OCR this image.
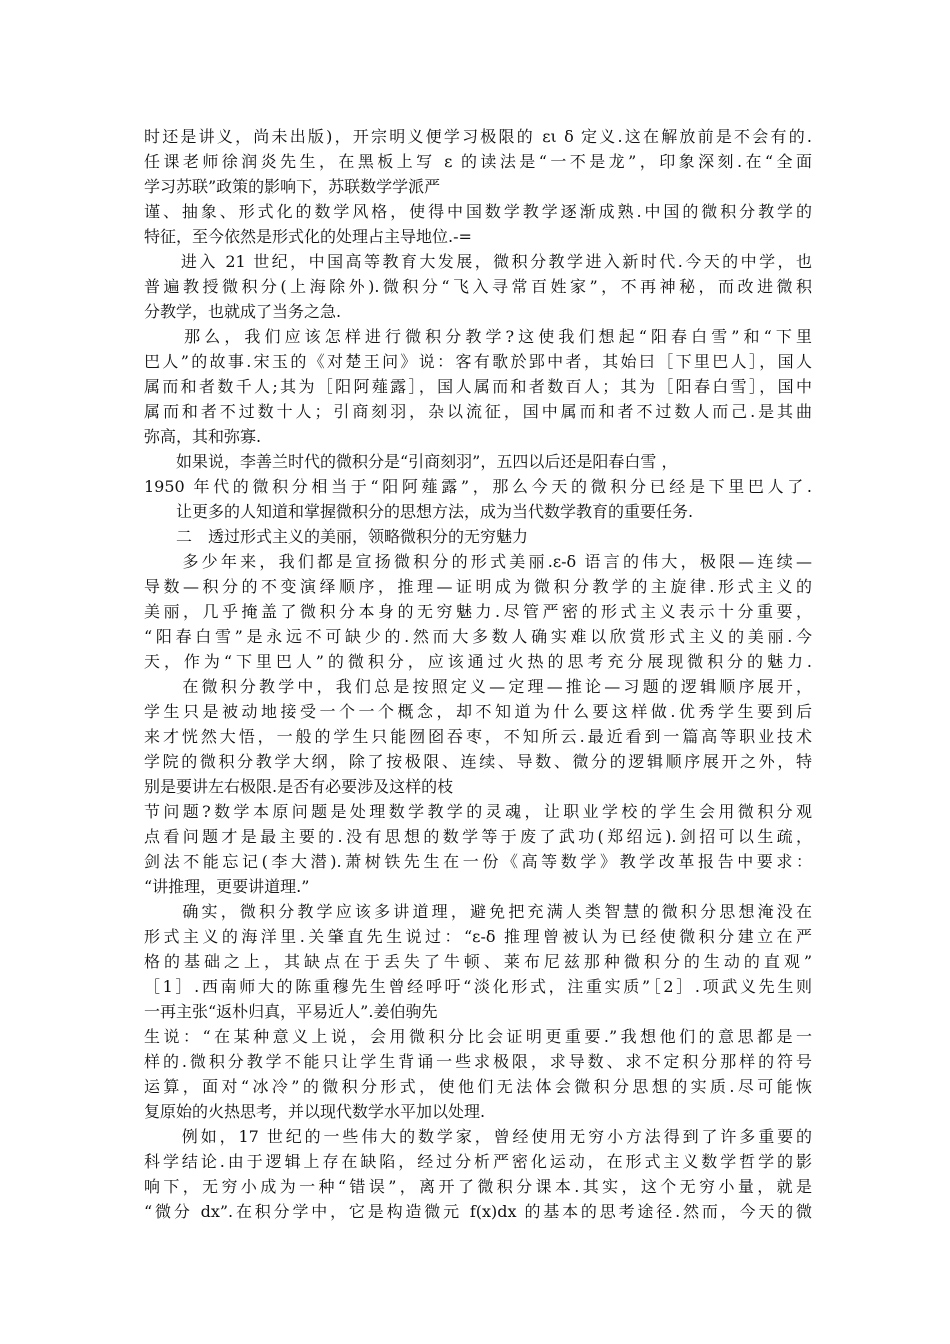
时还是讲义，尚未出版)，开宗明义便学习极限的 ει δ 定义.这在解放前是不会有的.
任课老师徐润炎先生，在黑板上写 ε 的读法是“一不是龙”，印象深刻.在“全面
学习苏联”政策的影响下，苏联数学学派严
谨、抽象、形式化的数学风格，使得中国数学教学逐渐成熟.中国的微积分教学的
特征，至今依然是形式化的处理占主导地位.-=
　　进入 21 世纪，中国高等教育大发展，微积分教学进入新时代.今天的中学，也
普遍教授微积分(上海除外).微积分“飞入寻常百姓家”，不再神秘，而改进微积
分教学，也就成了当务之急.
　　那么，我们应该怎样进行微积分教学?这使我们想起“阳春白雪”和“下里
巴人”的故事.宋玉的《对楚王问》说：客有歌於郢中者，其始曰［下里巴人］，国人
属而和者数千人;其为［阳阿薤露］，国人属而和者数百人；其为［阳春白雪］，国中
属而和者不过数十人；引商刻羽，杂以流征，国中属而和者不过数人而己.是其曲
弥高，其和弥寡.
　　如果说，李善兰时代的微积分是“引商刻羽”，五四以后还是阳春白雪 ，
1950 年代的微积分相当于“阳阿薤露”，那么今天的微积分已经是下里巴人了.
　　让更多的人知道和掌握微积分的思想方法，成为当代数学教育的重要任务.
　　二　透过形式主义的美丽，领略微积分的无穷魅力
　　多少年来，我们都是宣扬微积分的形式美丽.ε-δ 语言的伟大，极限—连续—
导数—积分的不变演绎顺序，推理—证明成为微积分教学的主旋律.形式主义的
美丽，几乎掩盖了微积分本身的无穷魅力.尽管严密的形式主义表示十分重要，
“阳春白雪”是永远不可缺少的.然而大多数人确实难以欣赏形式主义的美丽.今
天，作为“下里巴人”的微积分，应该通过火热的思考充分展现微积分的魅力.
　　在微积分教学中，我们总是按照定义—定理—推论—习题的逻辑顺序展开，
学生只是被动地接受一个一个概念，却不知道为什么要这样做.优秀学生要到后
来才恍然大悟，一般的学生只能囫囵吞枣，不知所云.最近看到一篇高等职业技术
学院的微积分教学大纲，除了按极限、连续、导数、微分的逻辑顺序展开之外，特
别是要讲左右极限.是否有必要涉及这样的枝
节问题?数学本原问题是处理数学教学的灵魂，让职业学校的学生会用微积分观
点看问题才是最主要的.没有思想的数学等于废了武功(郑绍远).剑招可以生疏，
剑法不能忘记(李大潜).萧树铁先生在一份《高等数学》教学改革报告中要求：
“讲推理，更要讲道理.”
　　确实，微积分教学应该多讲道理，避免把充满人类智慧的微积分思想淹没在
形式主义的海洋里.关肇直先生说过：“ε-δ 推理曾被认为已经使微积分建立在严
格的基础之上，其缺点在于丢失了牛顿、莱布尼兹那种微积分的生动的直观”
［1］.西南师大的陈重穆先生曾经呼吁“淡化形式，注重实质”［2］.项武义先生则
一再主张“返朴归真，平易近人”.姜伯驹先
生说：“在某种意义上说，会用微积分比会证明更重要.”我想他们的意思都是一
样的.微积分教学不能只让学生背诵一些求极限，求导数、求不定积分那样的符号
运算，面对“冰冷”的微积分形式，使他们无法体会微积分思想的实质.尽可能恢
复原始的火热思考，并以现代数学水平加以处理.
　　例如，17 世纪的一些伟大的数学家，曾经使用无穷小方法得到了许多重要的
科学结论.由于逻辑上存在缺陷，经过分析严密化运动，在形式主义数学哲学的影
响下，无穷小成为一种“错误”，离开了微积分课本.其实，这个无穷小量，就是
“微分 dx”.在积分学中，它是构造微元 f(x)dx 的基本的思考途径.然而，今天的微
